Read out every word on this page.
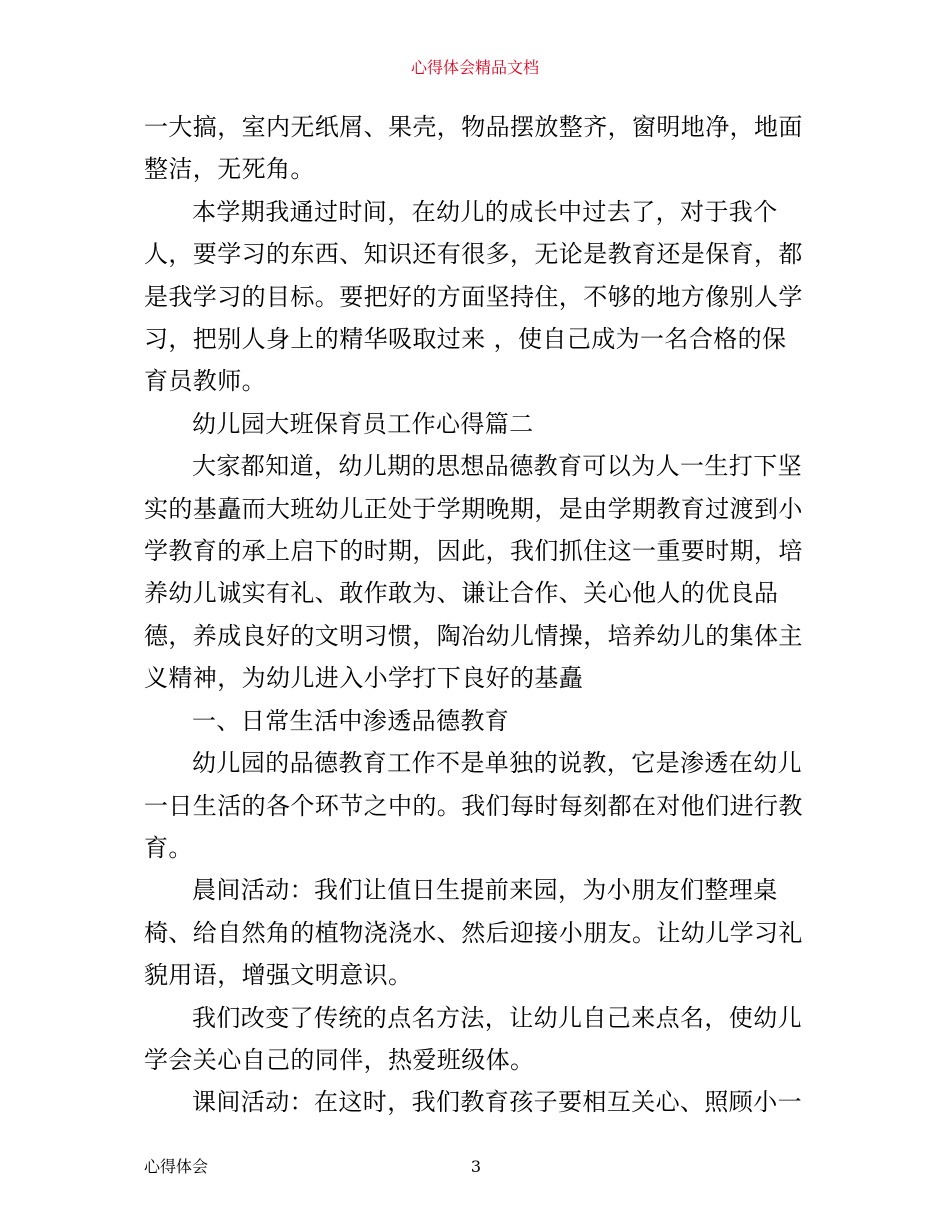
心得体会精品文档

一大搞，室内无纸屑、果壳，物品摆放整齐，窗明地净，地面整洁，无死角。

本学期我通过时间，在幼儿的成长中过去了，对于我个人，要学习的东西、知识还有很多，无论是教育还是保育，都是我学习的目标。要把好的方面坚持住，不够的地方像别人学习，把别人身上的精华吸取过来 ，使自己成为一名合格的保育员教师。

幼儿园大班保育员工作心得篇二

大家都知道，幼儿期的思想品德教育可以为人一生打下坚实的基矗而大班幼儿正处于学期晚期，是由学期教育过渡到小学教育的承上启下的时期，因此，我们抓住这一重要时期，培养幼儿诚实有礼、敢作敢为、谦让合作、关心他人的优良品德，养成良好的文明习惯，陶冶幼儿情操，培养幼儿的集体主义精神，为幼儿进入小学打下良好的基矗

一、日常生活中渗透品德教育

幼儿园的品德教育工作不是单独的说教，它是渗透在幼儿一日生活的各个环节之中的。我们每时每刻都在对他们进行教育。

晨间活动：我们让值日生提前来园，为小朋友们整理桌椅、给自然角的植物浇浇水、然后迎接小朋友。让幼儿学习礼貌用语，增强文明意识。

我们改变了传统的点名方法，让幼儿自己来点名，使幼儿学会关心自己的同伴，热爱班级体。

课间活动：在这时，我们教育孩子要相互关心、照顾小一

心得体会	3
